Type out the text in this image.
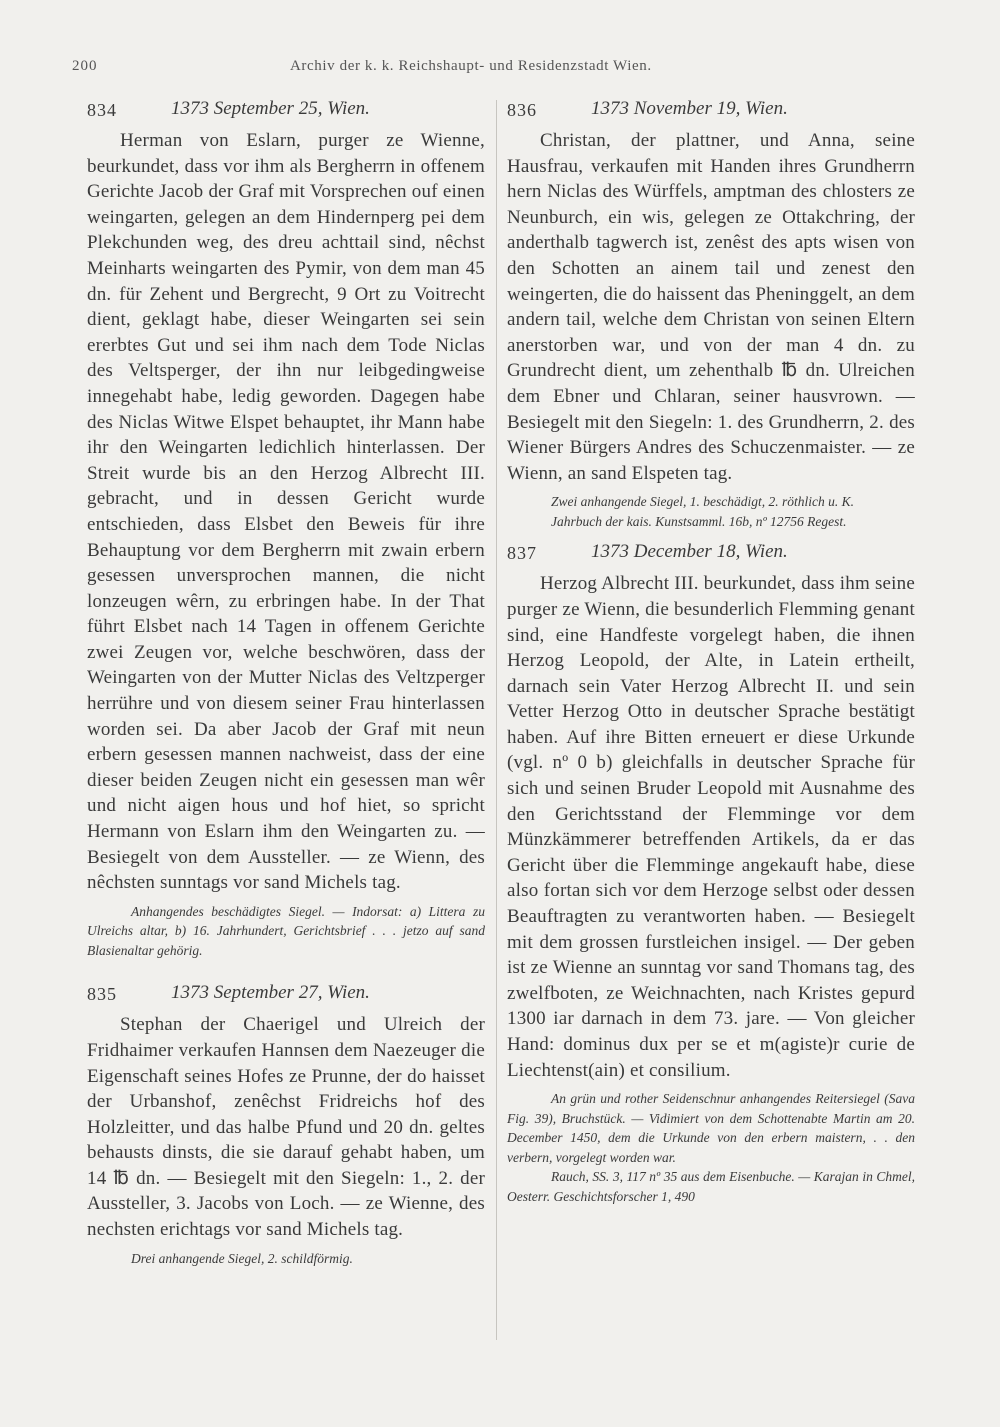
200	Archiv der k. k. Reichshaupt- und Residenzstadt Wien.
834	1373 September 25, Wien.
Herman von Eslarn, purger ze Wienne, beurkundet, dass vor ihm als Bergherrn in offenem Gerichte Jacob der Graf mit Vorsprechen ouf einen weingarten, gelegen an dem Hindernperg pei dem Plekchunden weg, des dreu achttail sind, nêchst Meinharts weingarten des Pymir, von dem man 45 dn. für Zehent und Bergrecht, 9 Ort zu Voitrecht dient, geklagt habe, dieser Weingarten sei sein ererbtes Gut und sei ihm nach dem Tode Niclas des Veltsperger, der ihn nur leibgedingweise innegehabt habe, ledig geworden. Dagegen habe des Niclas Witwe Elspet behauptet, ihr Mann habe ihr den Weingarten ledichlich hinterlassen. Der Streit wurde bis an den Herzog Albrecht III. gebracht, und in dessen Gericht wurde entschieden, dass Elsbet den Beweis für ihre Behauptung vor dem Bergherrn mit zwain erbern gesessen unversprochen mannen, die nicht lonzeugen wêrn, zu erbringen habe. In der That führt Elsbet nach 14 Tagen in offenem Gerichte zwei Zeugen vor, welche beschwören, dass der Weingarten von der Mutter Niclas des Veltzperger herrühre und von diesem seiner Frau hinterlassen worden sei. Da aber Jacob der Graf mit neun erbern gesessen mannen nachweist, dass der eine dieser beiden Zeugen nicht ein gesessen man wêr und nicht aigen hous und hof hiet, so spricht Hermann von Eslarn ihm den Weingarten zu. — Besiegelt von dem Aussteller. — ze Wienn, des nêchsten sunntags vor sand Michels tag.
Anhangendes beschädigtes Siegel. — Indorsat: a) Littera zu Ulreichs altar, b) 16. Jahrhundert, Gerichtsbrief . . . jetzo auf sand Blasienaltar gehörig.
835	1373 September 27, Wien.
Stephan der Chaerigel und Ulreich der Fridhaimer verkaufen Hannsen dem Naezeuger die Eigenschaft seines Hofes ze Prunne, der do haisset der Urbanshof, zenêchst Fridreichs hof des Holzleitter, und das halbe Pfund und 20 dn. geltes behausts dinsts, die sie darauf gehabt haben, um 14 ℔ dn. — Besiegelt mit den Siegeln: 1., 2. der Aussteller, 3. Jacobs von Loch. — ze Wienne, des nechsten erichtags vor sand Michels tag.
Drei anhangende Siegel, 2. schildförmig.
836	1373 November 19, Wien.
Christan, der plattner, und Anna, seine Hausfrau, verkaufen mit Handen ihres Grundherrn hern Niclas des Würffels, amptman des chlosters ze Neunburch, ein wis, gelegen ze Ottakchring, der anderthalb tagwerch ist, zenêst des apts wisen von den Schotten an ainem tail und zenest den weingerten, die do haissent das Pheninggelt, an dem andern tail, welche dem Christan von seinen Eltern anerstorben war, und von der man 4 dn. zu Grundrecht dient, um zehenthalb ℔ dn. Ulreichen dem Ebner und Chlaran, seiner hausvrown. — Besiegelt mit den Siegeln: 1. des Grundherrn, 2. des Wiener Bürgers Andres des Schuczenmaister. — ze Wienn, an sand Elspeten tag.
Zwei anhangende Siegel, 1. beschädigt, 2. röthlich u. K.
Jahrbuch der kais. Kunstsamml. 16b, nº 12756 Regest.
837	1373 December 18, Wien.
Herzog Albrecht III. beurkundet, dass ihm seine purger ze Wienn, die besunderlich Flemming genant sind, eine Handfeste vorgelegt haben, die ihnen Herzog Leopold, der Alte, in Latein ertheilt, darnach sein Vater Herzog Albrecht II. und sein Vetter Herzog Otto in deutscher Sprache bestätigt haben. Auf ihre Bitten erneuert er diese Urkunde (vgl. nº 0 b) gleichfalls in deutscher Sprache für sich und seinen Bruder Leopold mit Ausnahme des den Gerichtsstand der Flemminge vor dem Münzkämmerer betreffenden Artikels, da er das Gericht über die Flemminge angekauft habe, diese also fortan sich vor dem Herzoge selbst oder dessen Beauftragten zu verantworten haben. — Besiegelt mit dem grossen furstleichen insigel. — Der geben ist ze Wienne an sunntag vor sand Thomans tag, des zwelfboten, ze Weichnachten, nach Kristes gepurd 1300 iar darnach in dem 73. jare. — Von gleicher Hand: dominus dux per se et m(agiste)r curie de Liechtenst(ain) et consilium.
An grün und rother Seidenschnur anhangendes Reitersiegel (Sava Fig. 39), Bruchstück. — Vidimiert von dem Schottenabte Martin am 20. December 1450, dem die Urkunde von den erbern maistern, . . den verbern, vorgelegt worden war.
Rauch, SS. 3, 117 nº 35 aus dem Eisenbuche. — Karajan in Chmel, Oesterr. Geschichtsforscher 1, 490
